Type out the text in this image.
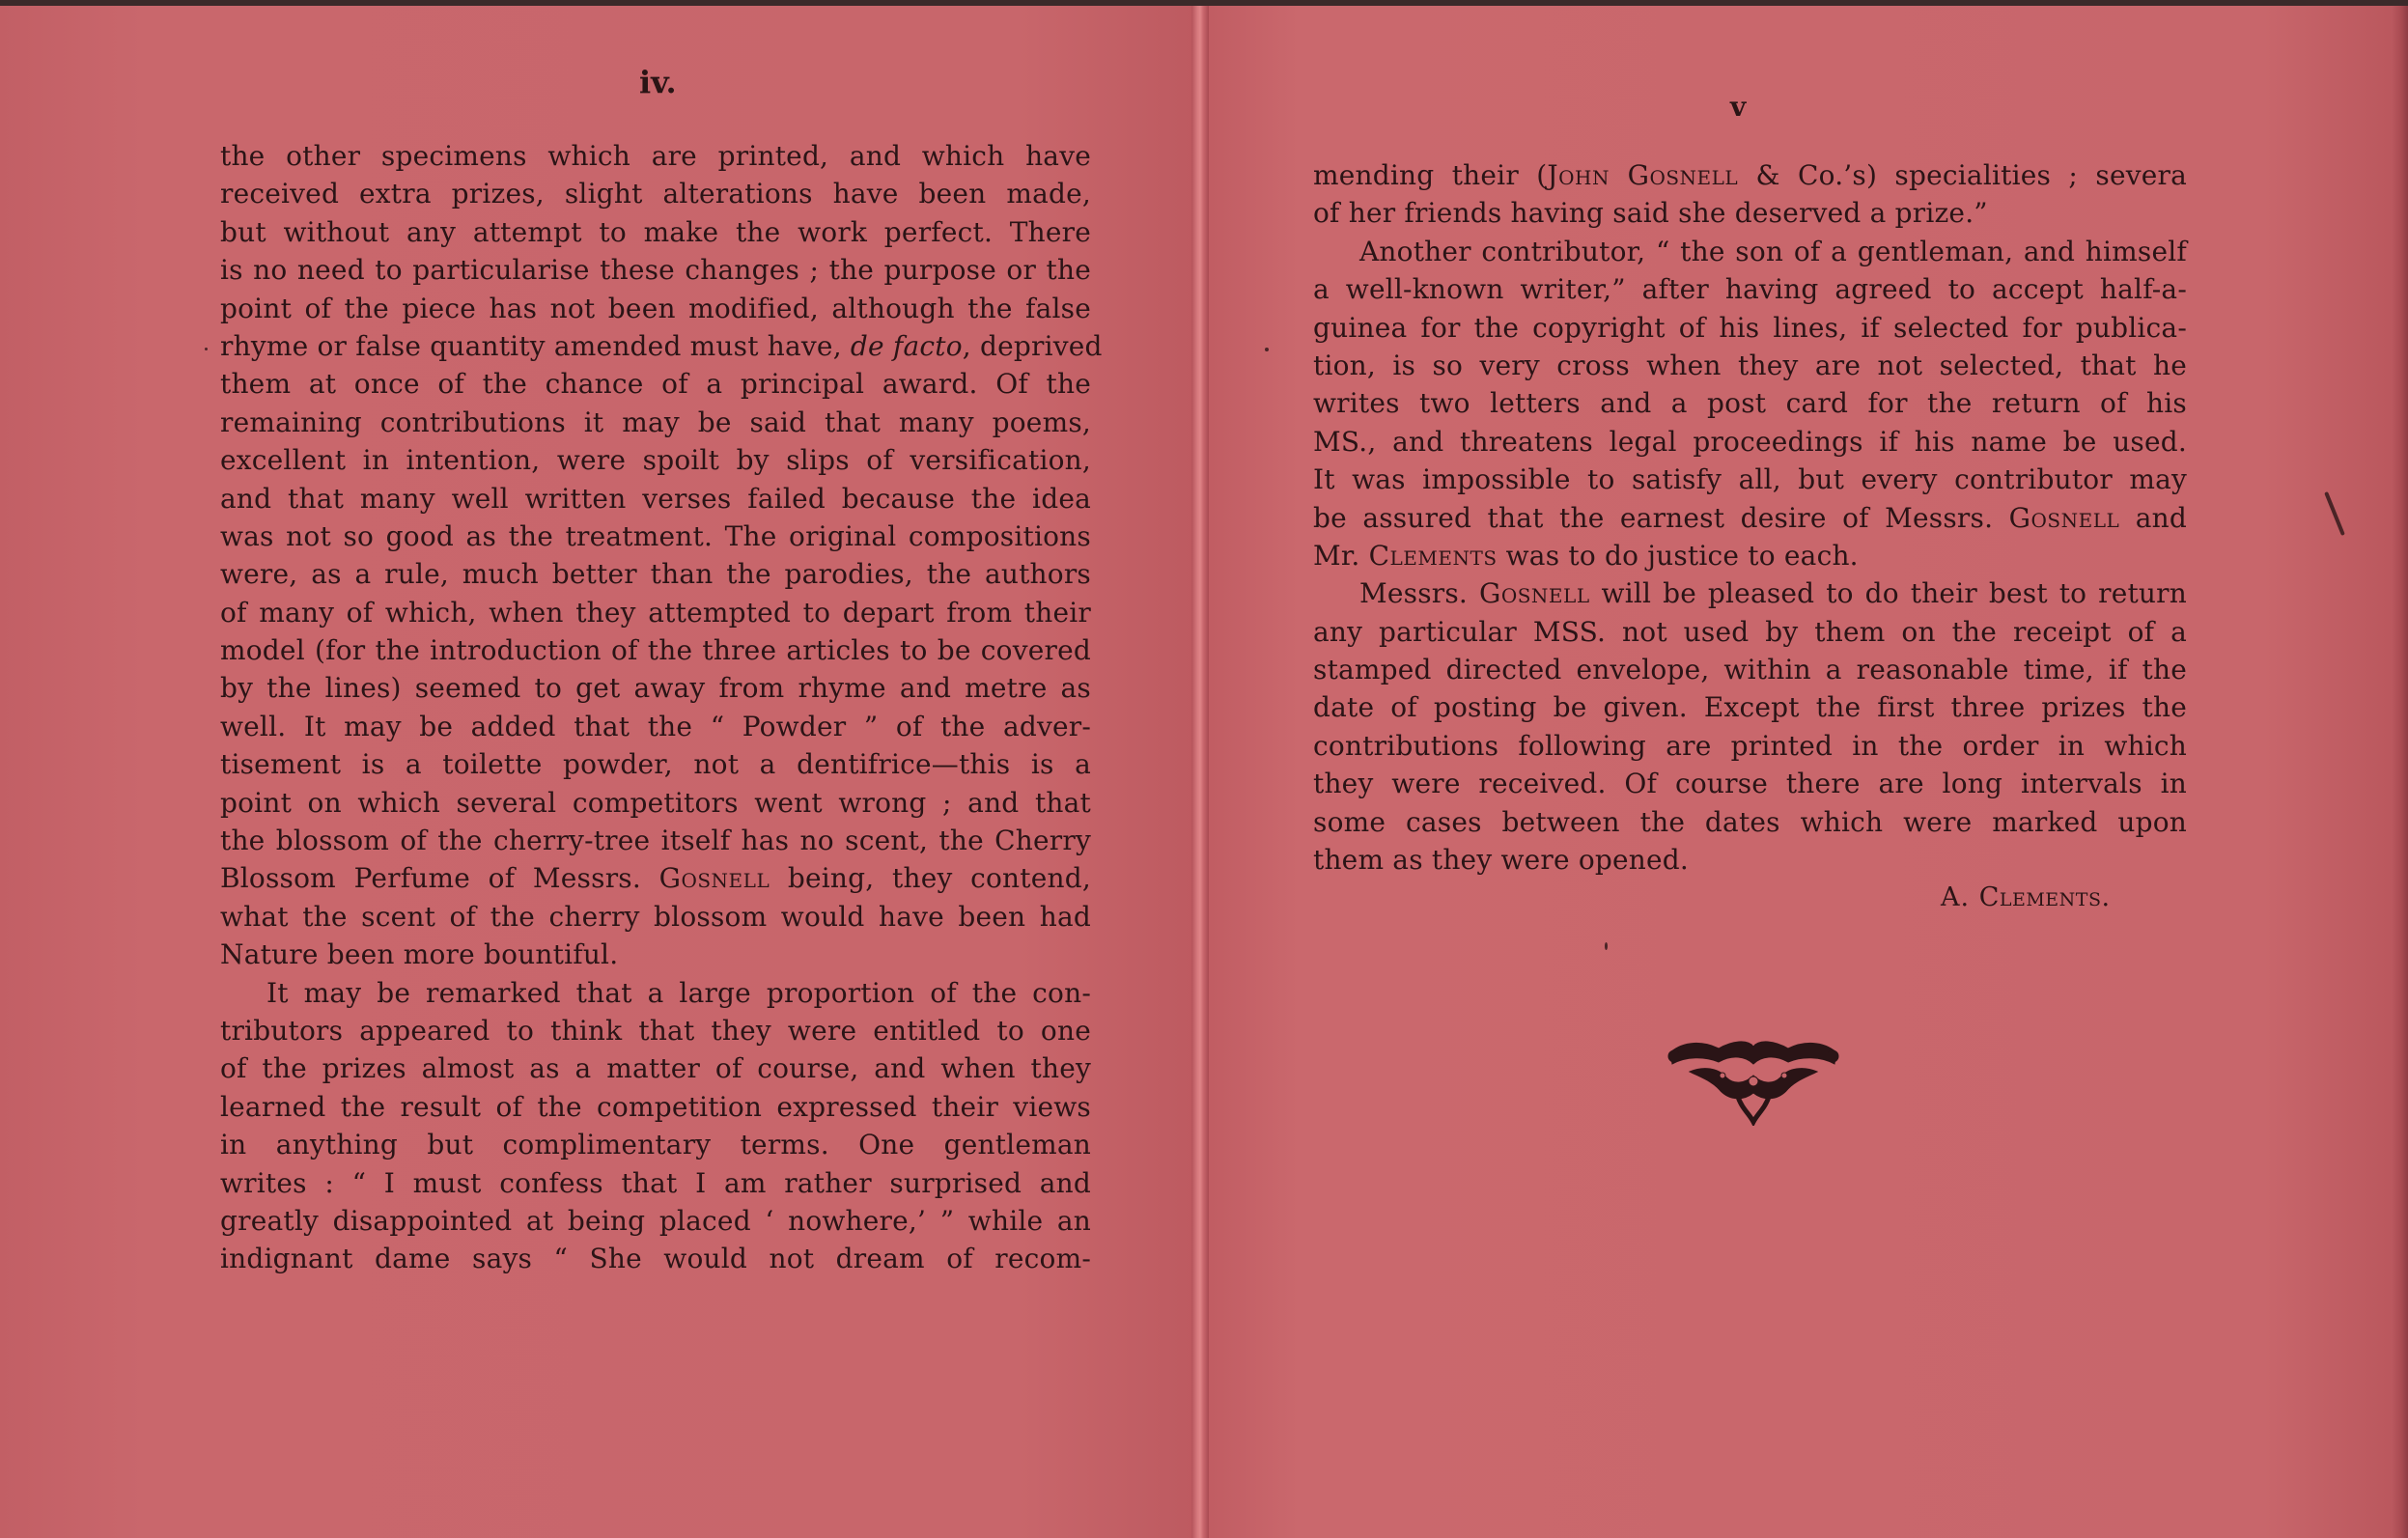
iv.
the other specimens which are printed, and which have
received extra prizes, slight alterations have been made,
but without any attempt to make the work perfect. There
is no need to particularise these changes ; the purpose or the
point of the piece has not been modified, although the false
rhyme or false quantity amended must have, de facto, deprived
them at once of the chance of a principal award. Of the
remaining contributions it may be said that many poems,
excellent in intention, were spoilt by slips of versification,
and that many well written verses failed because the idea
was not so good as the treatment. The original compositions
were, as a rule, much better than the parodies, the authors
of many of which, when they attempted to depart from their
model (for the introduction of the three articles to be covered
by the lines) seemed to get away from rhyme and metre as
well. It may be added that the “ Powder ” of the adver-
tisement is a toilette powder, not a dentifrice—this is a
point on which several competitors went wrong ; and that
the blossom of the cherry-tree itself has no scent, the Cherry
Blossom Perfume of Messrs. Gosnell being, they contend,
what the scent of the cherry blossom would have been had
Nature been more bountiful.
It may be remarked that a large proportion of the con-
tributors appeared to think that they were entitled to one
of the prizes almost as a matter of course, and when they
learned the result of the competition expressed their views
in anything but complimentary terms. One gentleman
writes : “ I must confess that I am rather surprised and
greatly disappointed at being placed ‘ nowhere,’ ” while an
indignant dame says “ She would not dream of recom-
v
mending their (John Gosnell & Co.’s) specialities ; severa
of her friends having said she deserved a prize.”
Another contributor, “ the son of a gentleman, and himself
a well-known writer,” after having agreed to accept half-a-
guinea for the copyright of his lines, if selected for publica-
tion, is so very cross when they are not selected, that he
writes two letters and a post card for the return of his
MS., and threatens legal proceedings if his name be used.
It was impossible to satisfy all, but every contributor may
be assured that the earnest desire of Messrs. Gosnell and
Mr. Clements was to do justice to each.
Messrs. Gosnell will be pleased to do their best to return
any particular MSS. not used by them on the receipt of a
stamped directed envelope, within a reasonable time, if the
date of posting be given. Except the first three prizes the
contributions following are printed in the order in which
they were received. Of course there are long intervals in
some cases between the dates which were marked upon
them as they were opened.
A. Clements.
